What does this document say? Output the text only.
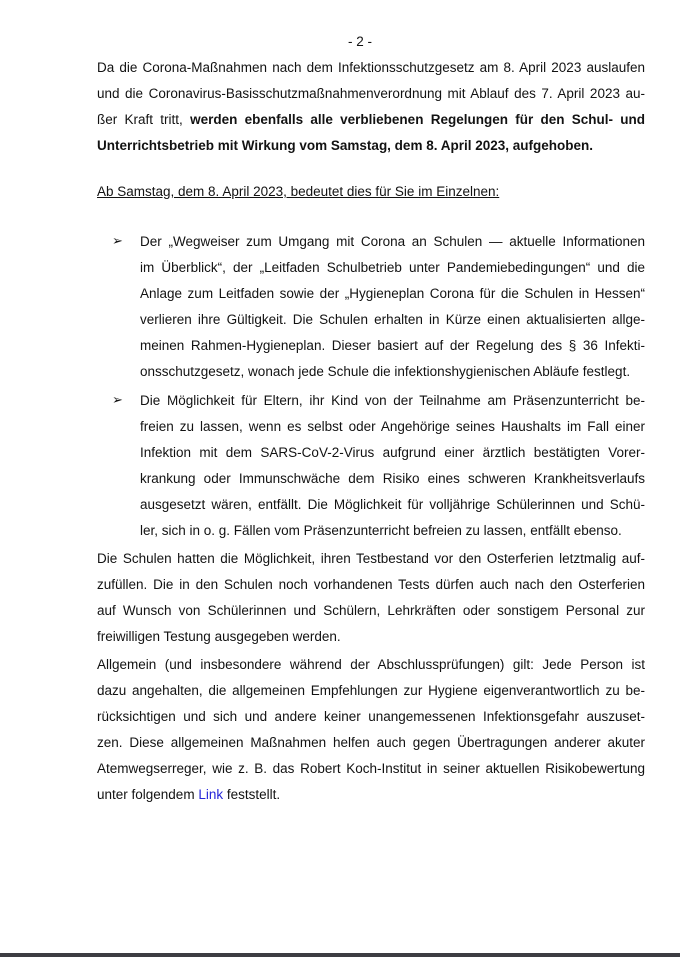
- 2 -
Da die Corona-Maßnahmen nach dem Infektionsschutzgesetz am 8. April 2023 auslaufen
und die Coronavirus-Basisschutzmaßnahmenverordnung mit Ablauf des 7. April 2023 au-
ßer Kraft tritt, werden ebenfalls alle verbliebenen Regelungen für den Schul- und
Unterrichtsbetrieb mit Wirkung vom Samstag, dem 8. April 2023, aufgehoben.
Ab Samstag, dem 8. April 2023, bedeutet dies für Sie im Einzelnen:
➢ Der „Wegweiser zum Umgang mit Corona an Schulen — aktuelle Informationen
im Überblick“, der „Leitfaden Schulbetrieb unter Pandemiebedingungen“ und die
Anlage zum Leitfaden sowie der „Hygieneplan Corona für die Schulen in Hessen“
verlieren ihre Gültigkeit. Die Schulen erhalten in Kürze einen aktualisierten allge-
meinen Rahmen-Hygieneplan. Dieser basiert auf der Regelung des § 36 Infekti-
onsschutzgesetz, wonach jede Schule die infektionshygienischen Abläufe festlegt.
➢ Die Möglichkeit für Eltern, ihr Kind von der Teilnahme am Präsenzunterricht be-
freien zu lassen, wenn es selbst oder Angehörige seines Haushalts im Fall einer
Infektion mit dem SARS-CoV-2-Virus aufgrund einer ärztlich bestätigten Vorer-
krankung oder Immunschwäche dem Risiko eines schweren Krankheitsverlaufs
ausgesetzt wären, entfällt. Die Möglichkeit für volljährige Schülerinnen und Schü-
ler, sich in o. g. Fällen vom Präsenzunterricht befreien zu lassen, entfällt ebenso.
Die Schulen hatten die Möglichkeit, ihren Testbestand vor den Osterferien letztmalig auf-
zufüllen. Die in den Schulen noch vorhandenen Tests dürfen auch nach den Osterferien
auf Wunsch von Schülerinnen und Schülern, Lehrkräften oder sonstigem Personal zur
freiwilligen Testung ausgegeben werden.
Allgemein (und insbesondere während der Abschlussprüfungen) gilt: Jede Person ist
dazu angehalten, die allgemeinen Empfehlungen zur Hygiene eigenverantwortlich zu be-
rücksichtigen und sich und andere keiner unangemessenen Infektionsgefahr auszuset-
zen. Diese allgemeinen Maßnahmen helfen auch gegen Übertragungen anderer akuter
Atemwegserreger, wie z. B. das Robert Koch-Institut in seiner aktuellen Risikobewertung
unter folgendem Link feststellt.
